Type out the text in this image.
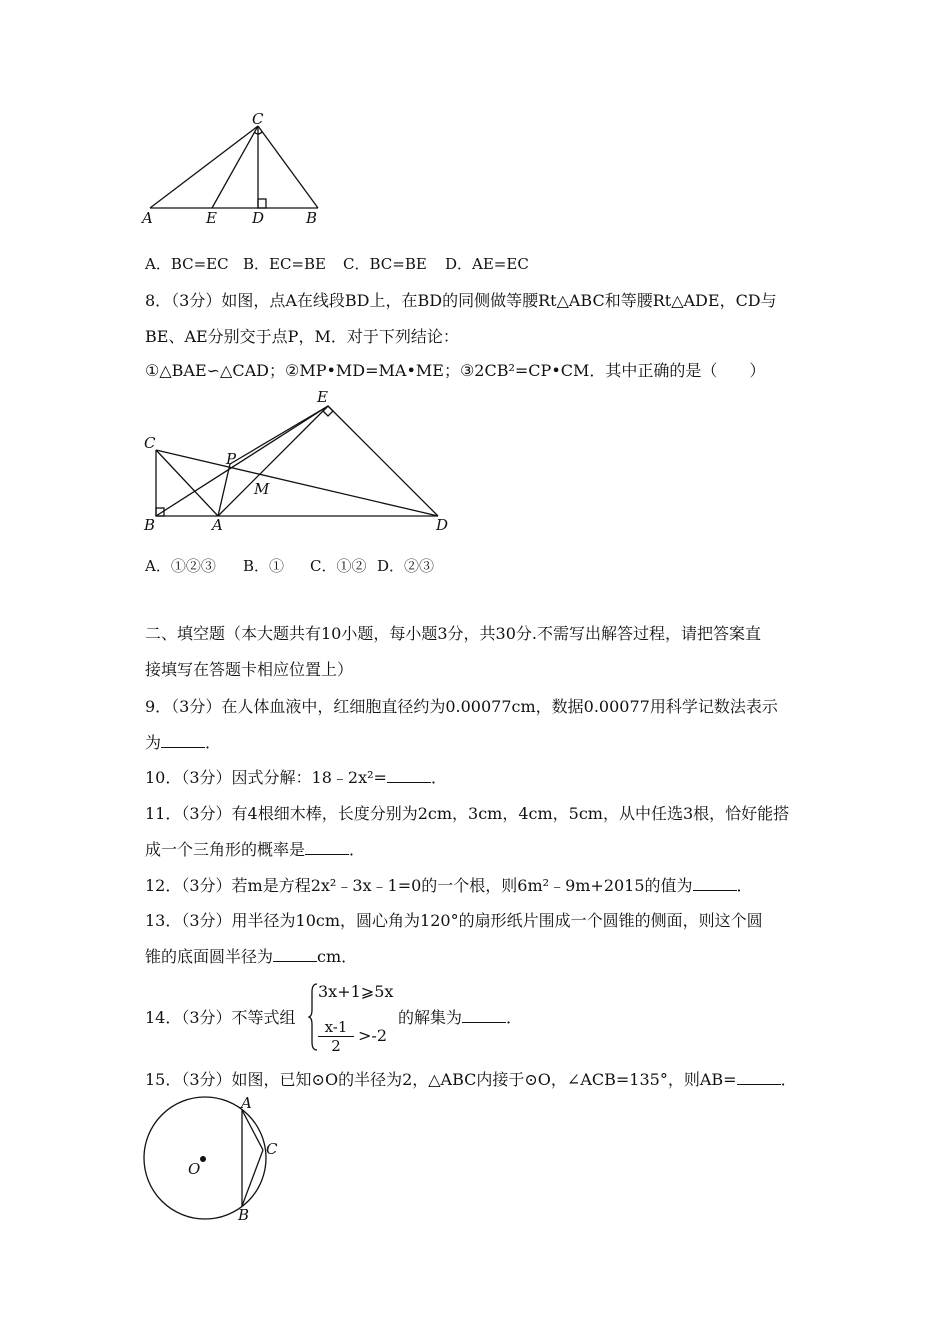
C
A	E D	B
A．BC=EC B．EC=BE C．BC=BE D．AE=EC
8．（3分）如图，点A在线段BD上，在BD的同侧做等腰Rt△ABC和等腰Rt△ADE，CD与
BE、AE分别交于点P，M．对于下列结论：
①△BAE∽△CAD；②MP•MD=MA•ME；③2CB²=CP•CM．其中正确的是（　　）
E
C
P
M
B	A	D
A．①②③ B．① C．①② D．②③
二、填空题（本大题共有10小题，每小题3分，共30分.不需写出解答过程，请把答案直
接填写在答题卡相应位置上）
9．（3分）在人体血液中，红细胞直径约为0.00077cm，数据0.00077用科学记数法表示
为	．
10．（3分）因式分解：18﹣2x²=	．
11．（3分）有4根细木棒，长度分别为2cm，3cm，4cm，5cm，从中任选3根，恰好能搭
成一个三角形的概率是	．
12．（3分）若m是方程2x²﹣3x﹣1=0的一个根，则6m²﹣9m+2015的值为	．
13．（3分）用半径为10cm，圆心角为120°的扇形纸片围成一个圆锥的侧面，则这个圆
锥的底面圆半径为	cm．
14．（3分）不等式组
3x+1⩾5x
$\frac{x-1}{2} >-2$
的解集为	．
15．（3分）如图，已知⊙O的半径为2，△ABC内接于⊙O，∠ACB=135°，则AB=	．
A
C
O
B
